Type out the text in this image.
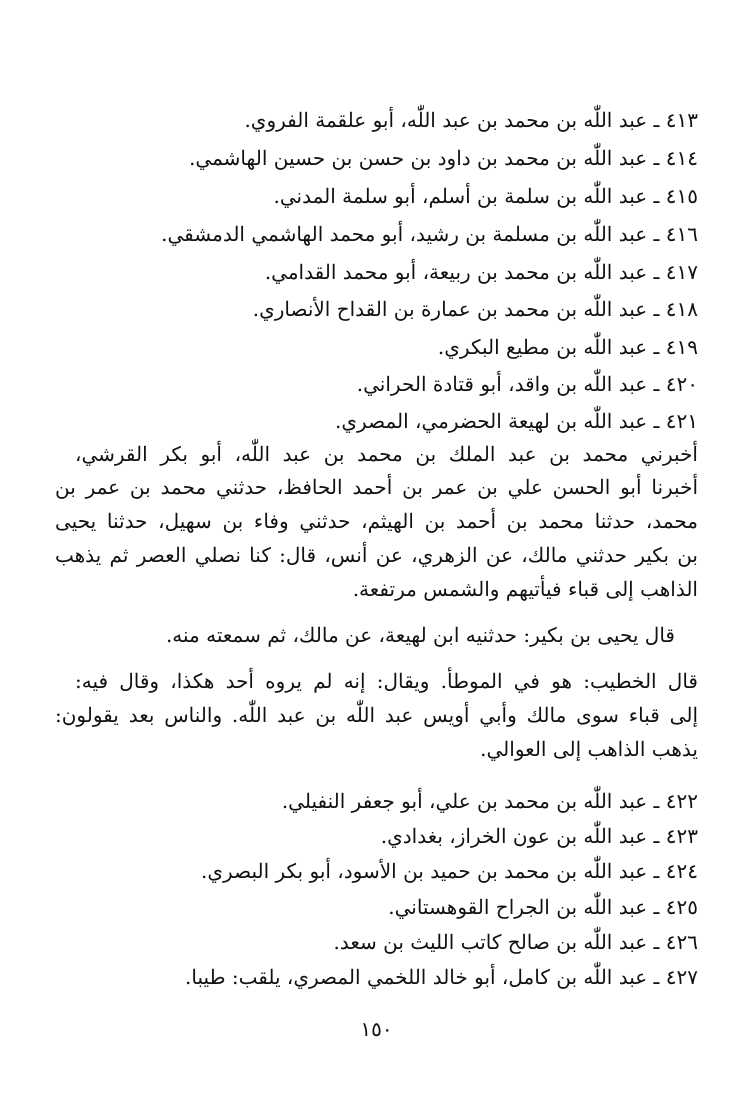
٤١٣ ـ عبد اللّٰه بن محمد بن عبد اللّٰه، أبو علقمة الفروي.
٤١٤ ـ عبد اللّٰه بن محمد بن داود بن حسن بن حسين الهاشمي.
٤١٥ ـ عبد اللّٰه بن سلمة بن أسلم، أبو سلمة المدني.
٤١٦ ـ عبد اللّٰه بن مسلمة بن رشيد، أبو محمد الهاشمي الدمشقي.
٤١٧ ـ عبد اللّٰه بن محمد بن ربيعة، أبو محمد القدامي.
٤١٨ ـ عبد اللّٰه بن محمد بن عمارة بن القداح الأنصاري.
٤١٩ ـ عبد اللّٰه بن مطيع البكري.
٤٢٠ ـ عبد اللّٰه بن واقد، أبو قتادة الحراني.
٤٢١ ـ عبد اللّٰه بن لهيعة الحضرمي، المصري.
أخبرني محمد بن عبد الملك بن محمد بن عبد اللّٰه، أبو بكر القرشي،
أخبرنا أبو الحسن علي بن عمر بن أحمد الحافظ، حدثني محمد بن عمر بن
محمد، حدثنا محمد بن أحمد بن الهيثم، حدثني وفاء بن سهيل، حدثنا يحيى
بن بكير حدثني مالك، عن الزهري، عن أنس، قال: كنا نصلي العصر ثم يذهب
الذاهب إلى قباء فيأتيهم والشمس مرتفعة.
قال يحيى بن بكير: حدثنيه ابن لهيعة، عن مالك، ثم سمعته منه.
قال الخطيب: هو في الموطأ. ويقال: إنه لم يروه أحد هكذا، وقال فيه:
إلى قباء سوى مالك وأبي أويس عبد اللّٰه بن عبد اللّٰه. والناس بعد يقولون:
يذهب الذاهب إلى العوالي.
٤٢٢ ـ عبد اللّٰه بن محمد بن علي، أبو جعفر النفيلي.
٤٢٣ ـ عبد اللّٰه بن عون الخراز، بغدادي.
٤٢٤ ـ عبد اللّٰه بن محمد بن حميد بن الأسود، أبو بكر البصري.
٤٢٥ ـ عبد اللّٰه بن الجراح القوهستاني.
٤٢٦ ـ عبد اللّٰه بن صالح كاتب الليث بن سعد.
٤٢٧ ـ عبد اللّٰه بن كامل، أبو خالد اللخمي المصري، يلقب: طيبا.
١٥٠
